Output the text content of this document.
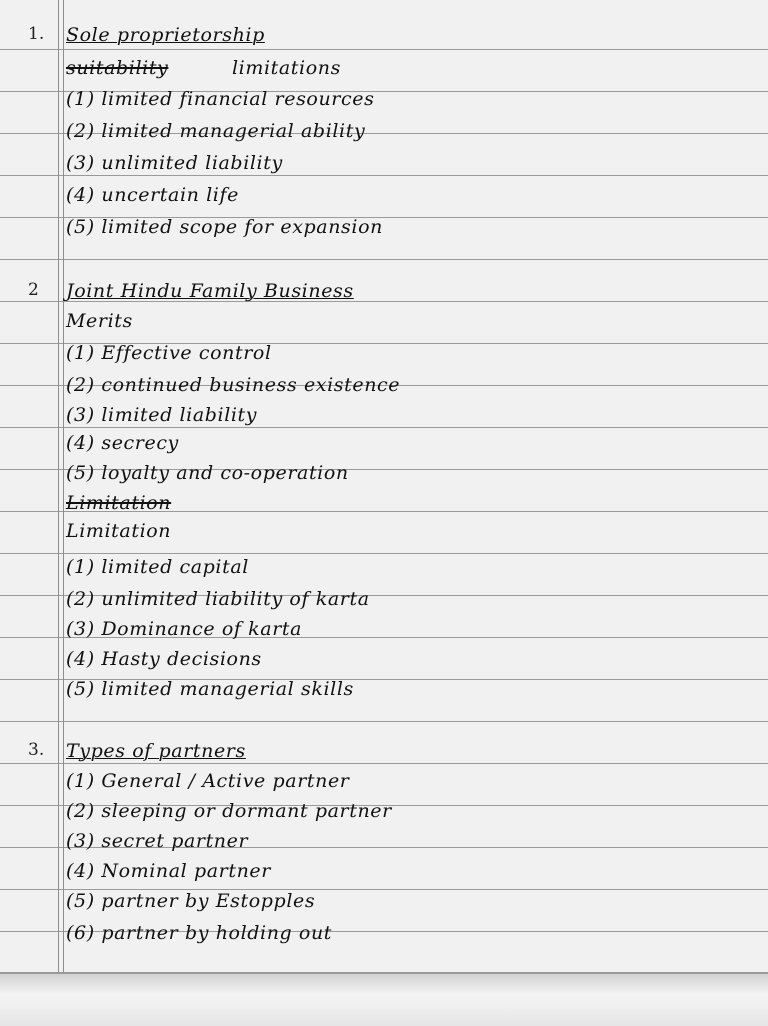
1. Sole proprietorship
suitability	limitations
(1) limited financial resources
(2) limited managerial ability
(3) unlimited liability
(4) uncertain life
(5) limited scope for expansion
2 Joint Hindu Family Business
Merits
(1) Effective control
(2) continued business existence
(3) limited liability
(4) secrecy
(5) loyalty and co-operation
Limitation
Limitation
(1) limited capital
(2) unlimited liability of karta
(3) Dominance of karta
(4) Hasty decisions
(5) limited managerial skills
3. Types of partners
(1) General / Active partner
(2) sleeping or dormant partner
(3) secret partner
(4) Nominal partner
(5) partner by Estopples
(6) partner by holding out
